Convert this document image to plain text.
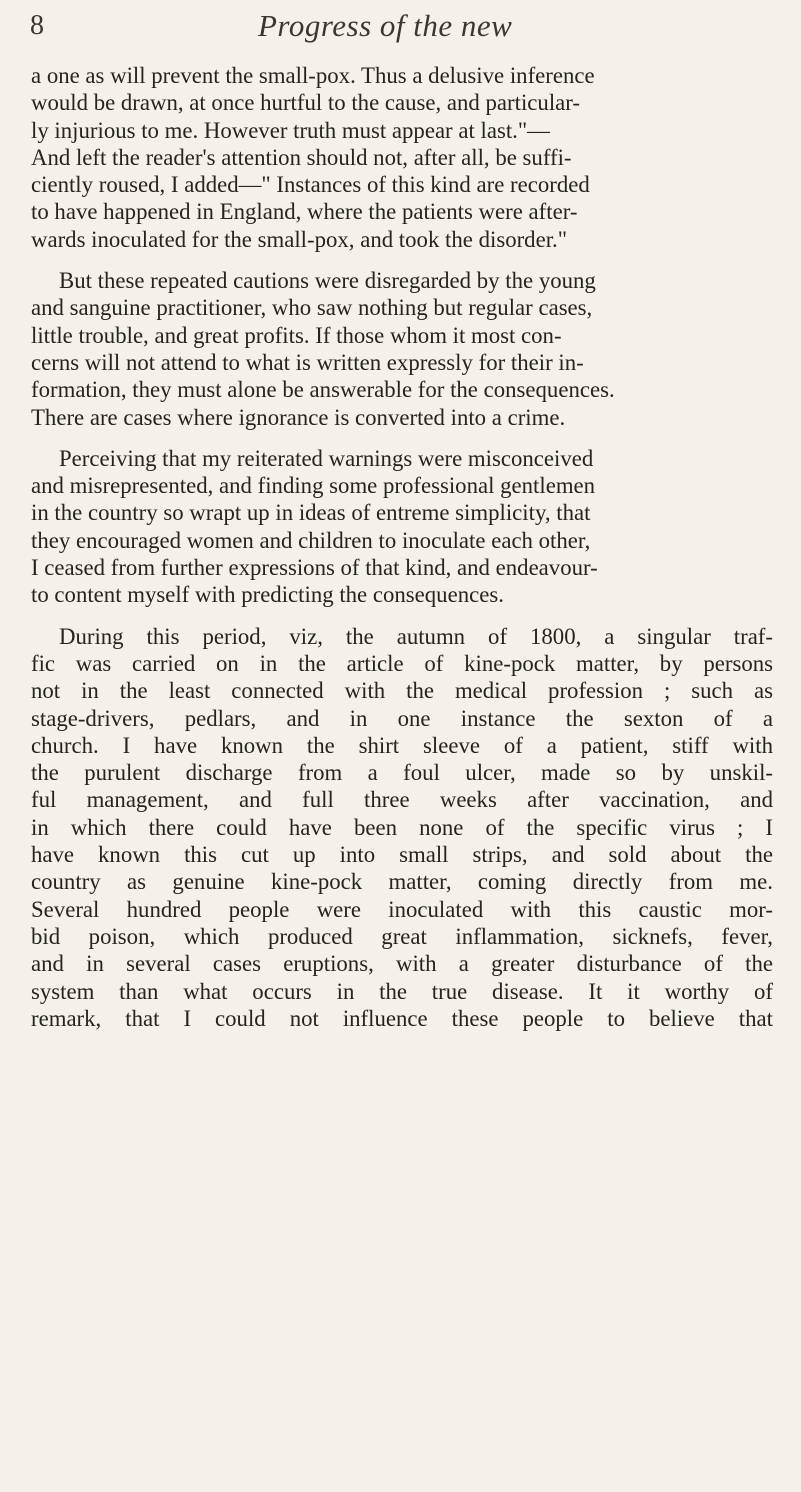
8	Progress of the new

a one as will prevent the small-pox. Thus a delusive inference
would be drawn, at once hurtful to the cause, and particular-
ly injurious to me. However truth must appear at last."—
And left the reader's attention should not, after all, be suffi-
ciently roused, I added—" Instances of this kind are recorded
to have happened in England, where the patients were after-
wards inoculated for the small-pox, and took the disorder."

But these repeated cautions were disregarded by the young
and sanguine practitioner, who saw nothing but regular cases,
little trouble, and great profits. If those whom it most con-
cerns will not attend to what is written expressly for their in-
formation, they must alone be answerable for the consequences.
There are cases where ignorance is converted into a crime.

Perceiving that my reiterated warnings were misconceived
and misrepresented, and finding some professional gentlemen
in the country so wrapt up in ideas of entreme simplicity, that
they encouraged women and children to inoculate each other,
I ceased from further expressions of that kind, and endeavour-
to content myself with predicting the consequences.

During this period, viz, the autumn of 1800, a singular traf-
fic was carried on in the article of kine-pock matter, by persons
not in the least connected with the medical profession ; such as
stage-drivers, pedlars, and in one instance the sexton of a
church. I have known the shirt sleeve of a patient, stiff with
the purulent discharge from a foul ulcer, made so by unskil-
ful management, and full three weeks after vaccination, and
in which there could have been none of the specific virus ; I
have known this cut up into small strips, and sold about the
country as genuine kine-pock matter, coming directly from me.
Several hundred people were inoculated with this caustic mor-
bid poison, which produced great inflammation, sicknefs, fever,
and in several cases eruptions, with a greater disturbance of the
system than what occurs in the true disease. It it worthy of
remark, that I could not influence these people to believe that
